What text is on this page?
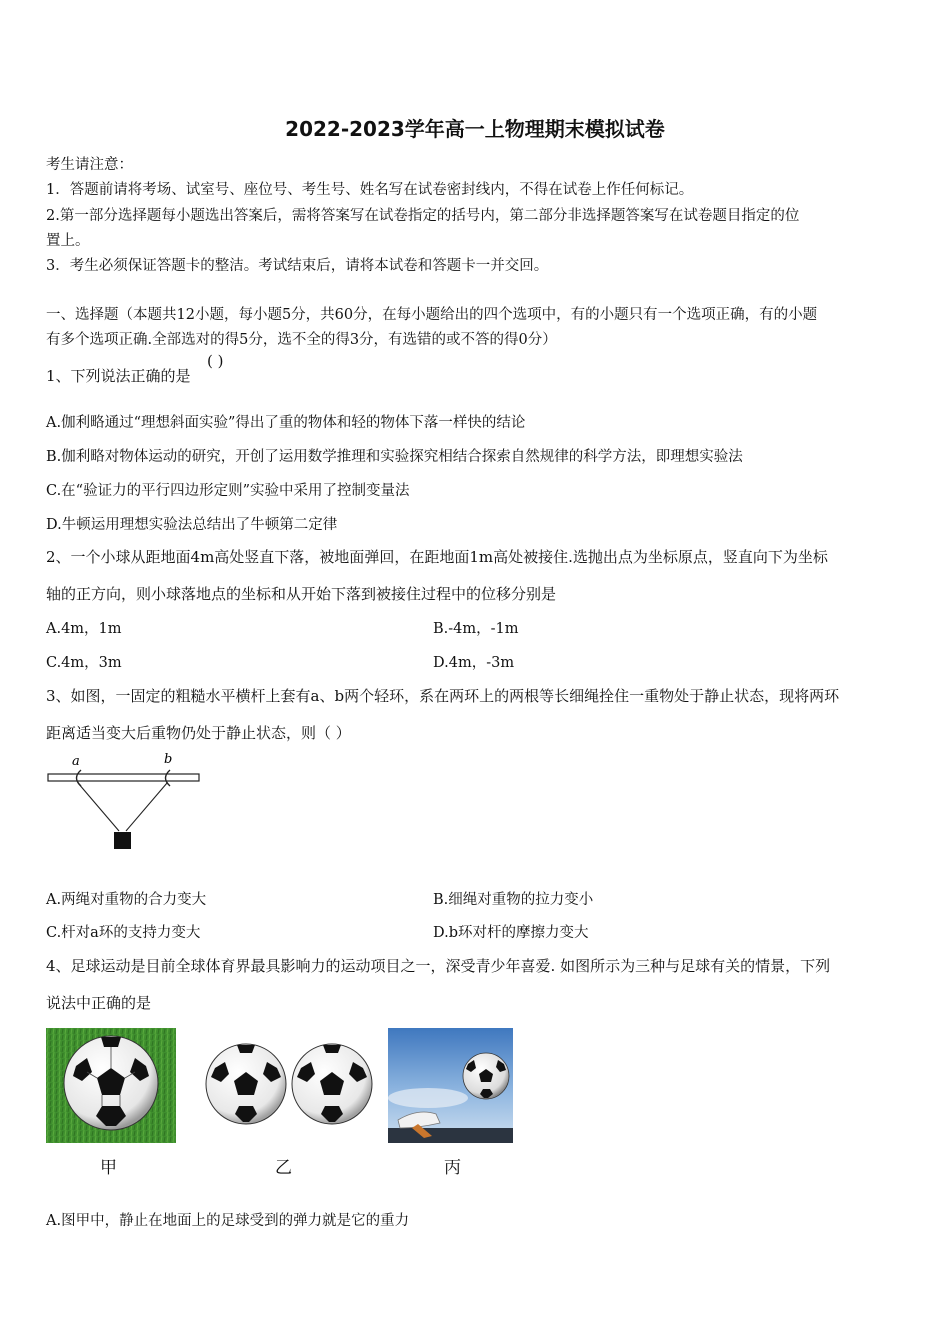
2022-2023学年高一上物理期末模拟试卷
考生请注意：
1．答题前请将考场、试室号、座位号、考生号、姓名写在试卷密封线内，不得在试卷上作任何标记。
2.第一部分选择题每小题选出答案后，需将答案写在试卷指定的括号内，第二部分非选择题答案写在试卷题目指定的位
置上。
3．考生必须保证答题卡的整洁。考试结束后，请将本试卷和答题卡一并交回。
一、选择题（本题共12小题，每小题5分，共60分，在每小题给出的四个选项中，有的小题只有一个选项正确，有的小题
有多个选项正确.全部选对的得5分，选不全的得3分，有选错的或不答的得0分）
1、下列说法正确的是
( )
A.伽利略通过“理想斜面实验”得出了重的物体和轻的物体下落一样快的结论
B.伽利略对物体运动的研究，开创了运用数学推理和实验探究相结合探索自然规律的科学方法，即理想实验法
C.在“验证力的平行四边形定则”实验中采用了控制变量法
D.牛顿运用理想实验法总结出了牛顿第二定律
2、一个小球从距地面4m高处竖直下落，被地面弹回，在距地面1m高处被接住.选抛出点为坐标原点，竖直向下为坐标
轴的正方向，则小球落地点的坐标和从开始下落到被接住过程中的位移分别是
A.4m，1m	B.-4m，-1m
C.4m，3m	D.4m，-3m
3、如图，一固定的粗糙水平横杆上套有a、b两个轻环，系在两环上的两根等长细绳拴住一重物处于静止状态，现将两环
距离适当变大后重物仍处于静止状态，则（ ）
a	b
A.两绳对重物的合力变大	B.细绳对重物的拉力变小
C.杆对a环的支持力变大	D.b环对杆的摩擦力变大
4、足球运动是目前全球体育界最具影响力的运动项目之一，深受青少年喜爱. 如图所示为三种与足球有关的情景，下列
说法中正确的是
甲	乙	丙
A.图甲中，静止在地面上的足球受到的弹力就是它的重力
